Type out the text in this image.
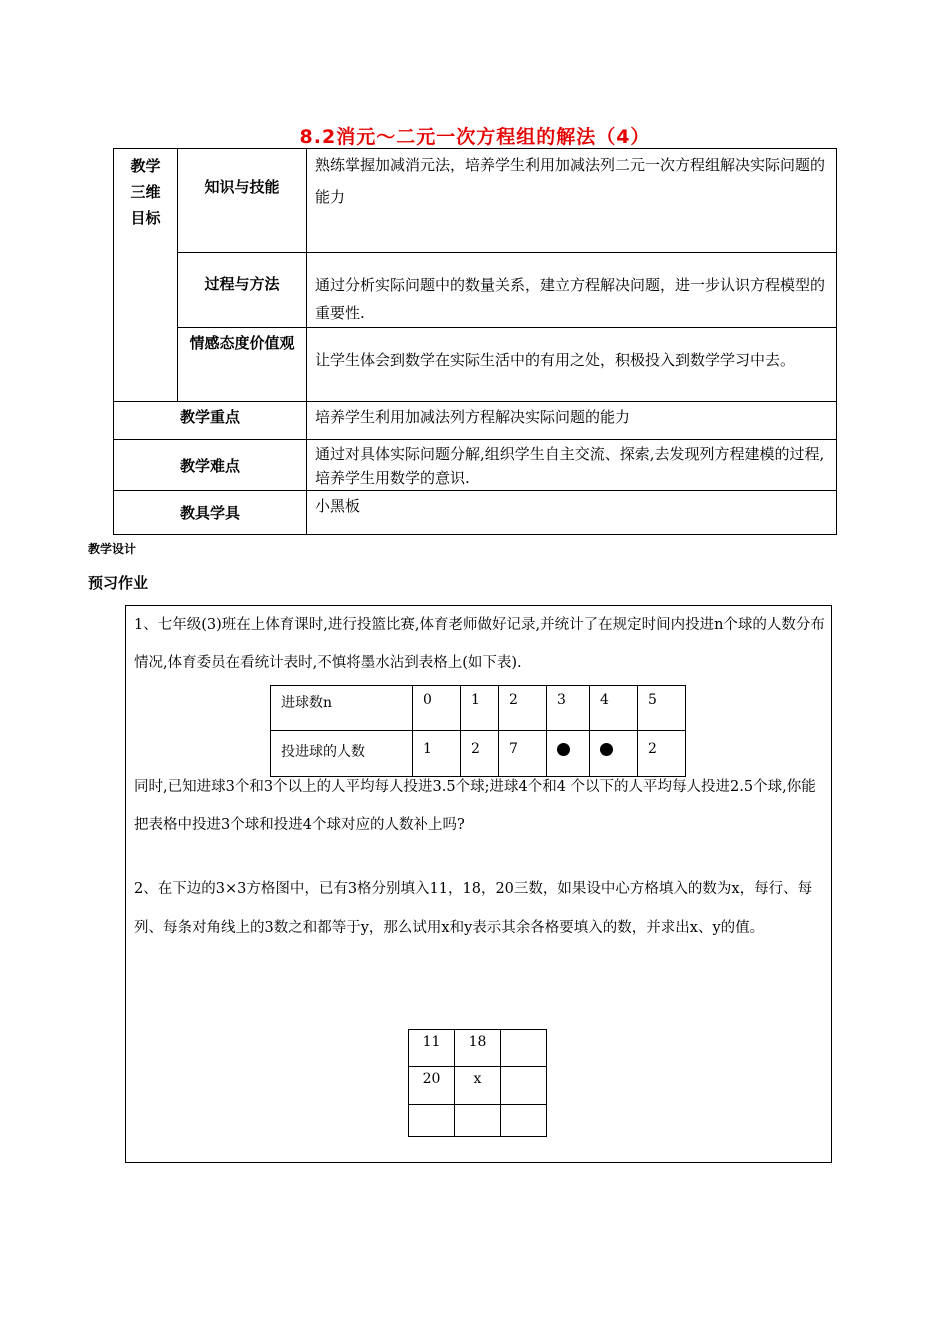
8.2消元～二元一次方程组的解法（4）
教学
三维
目标	知识与技能	熟练掌握加减消元法，培养学生利用加减法列二元一次方程组解决实际问题的能力
	过程与方法	通过分析实际问题中的数量关系，建立方程解决问题，进一步认识方程模型的重要性.
	情感态度价值观	让学生体会到数学在实际生活中的有用之处，积极投入到数学学习中去。
教学重点		培养学生利用加减法列方程解决实际问题的能力
教学难点		通过对具体实际问题分解,组织学生自主交流、探索,去发现列方程建模的过程,培养学生用数学的意识.
教具学具		小黑板
教学设计
预习作业

1、七年级(3)班在上体育课时,进行投篮比赛,体育老师做好记录,并统计了在规定时间内投进n个球的人数分布情况,体育委员在看统计表时,不慎将墨水沾到表格上(如下表).

进球数n	0	1	2	3	4	5
投进球的人数	1	2	7			2

同时,已知进球3个和3个以上的人平均每人投进3.5个球;进球4个和4 个以下的人平均每人投进2.5个球,你能把表格中投进3个球和投进4个球对应的人数补上吗?

2、在下边的3×3方格图中，已有3格分别填入11，18，20三数，如果设中心方格填入的数为x，每行、每列、每条对角线上的3数之和都等于y，那么试用x和y表示其余各格要填入的数，并求出x、y的值。

11	18	
20	x	
